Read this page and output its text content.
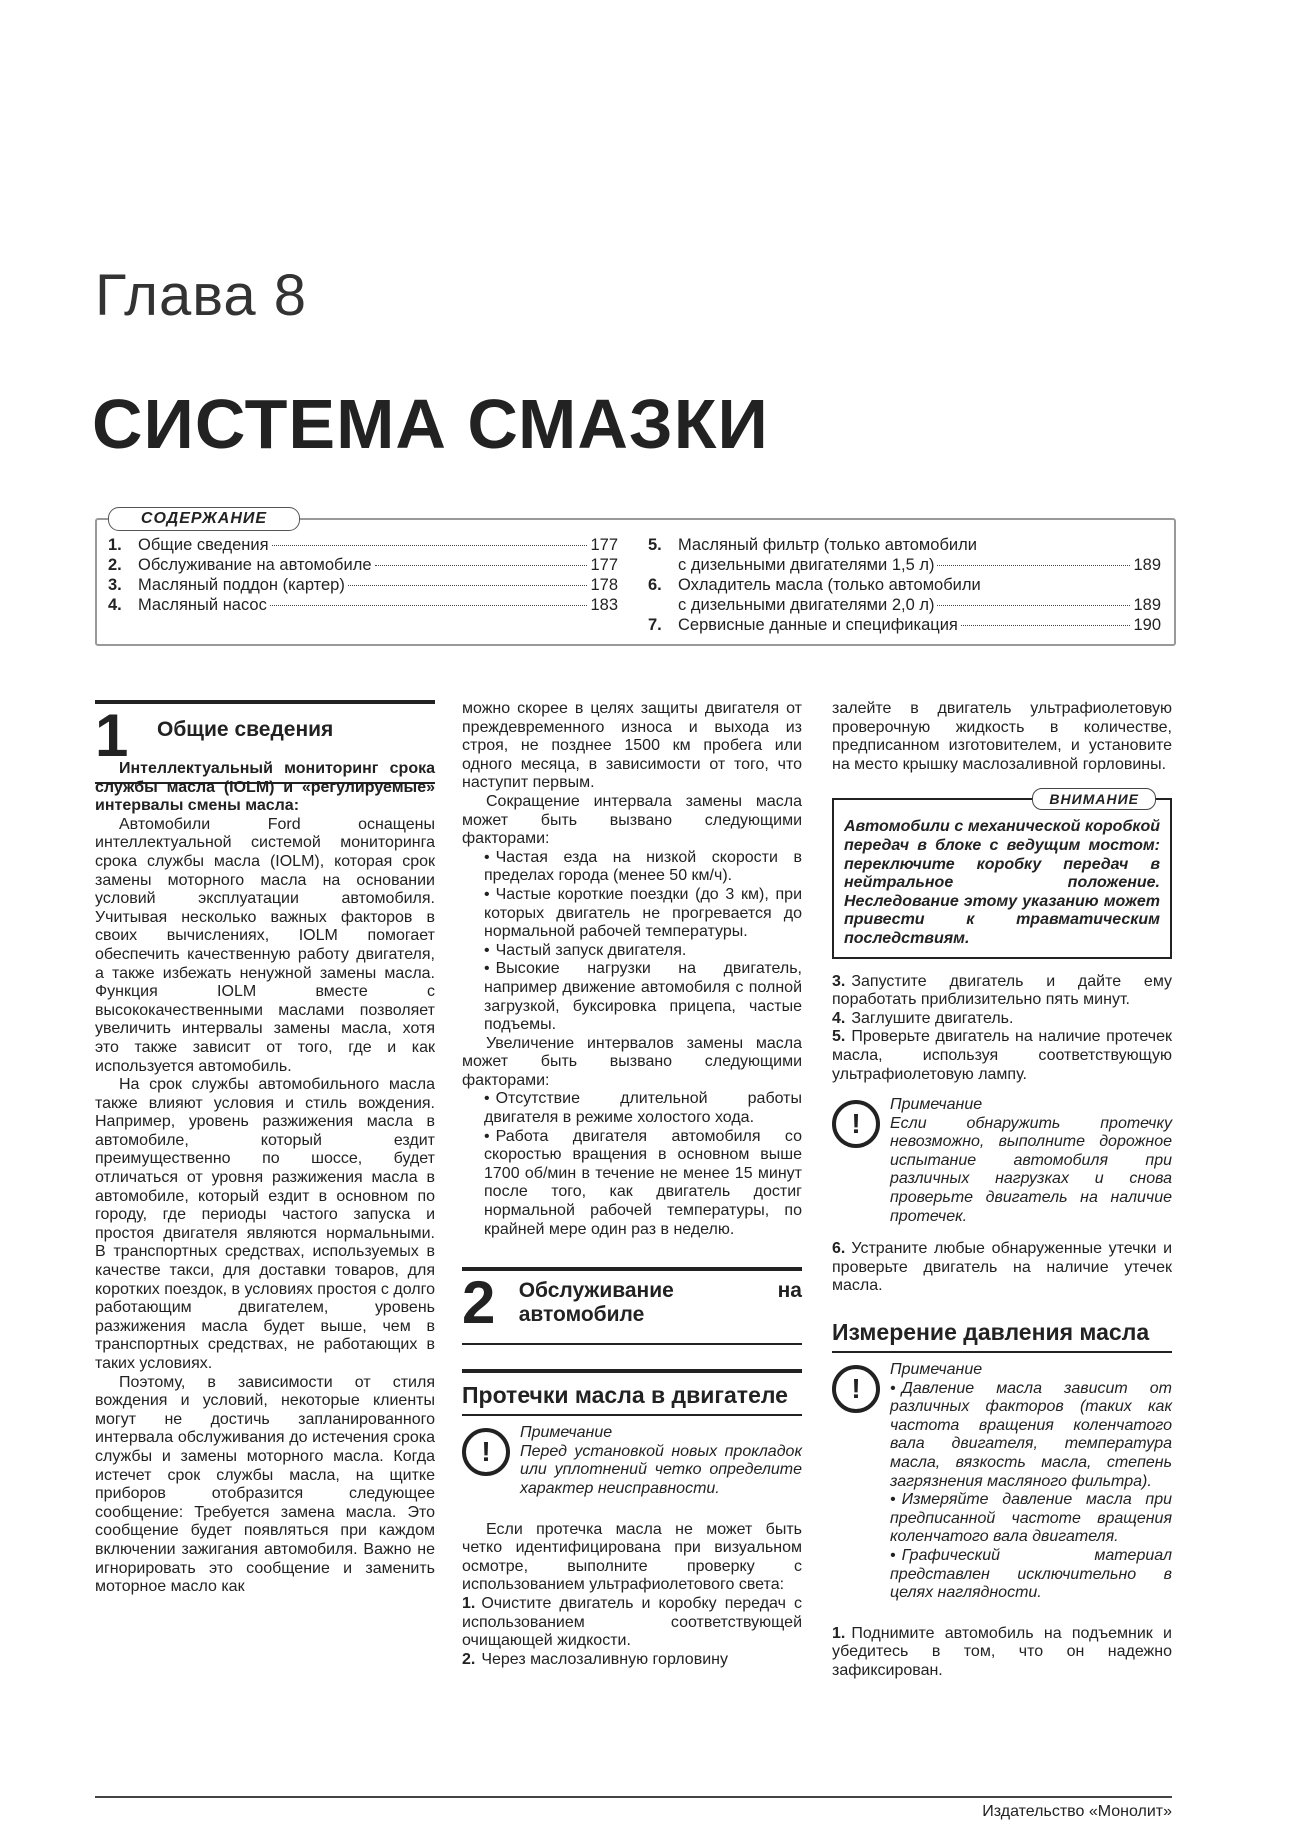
Глава 8
СИСТЕМА СМАЗКИ
СОДЕРЖАНИЕ
1. Общие сведения	177
2. Обслуживание на автомобиле	177
3. Масляный поддон (картер)	178
4. Масляный насос	183
5. Масляный фильтр (только автомобили
с дизельными двигателями 1,5 л)	189
6. Охладитель масла (только автомобили
с дизельными двигателями 2,0 л)	189
7. Сервисные данные и спецификация	190
1	Общие сведения

Интеллектуальный мониторинг срока службы масла (IOLM) и «регулируемые» интервалы смены масла:

Автомобили Ford оснащены интеллектуальной системой мониторинга срока службы масла (IOLM), которая срок замены моторного масла на основании условий эксплуатации автомобиля. Учитывая несколько важных факторов в своих вычислениях, IOLM помогает обеспечить качественную работу двигателя, а также избежать ненужной замены масла. Функция IOLM вместе с высококачественными маслами позволяет увеличить интервалы замены масла, хотя это также зависит от того, где и как используется автомобиль.

На срок службы автомобильного масла также влияют условия и стиль вождения. Например, уровень разжижения масла в автомобиле, который ездит преимущественно по шоссе, будет отличаться от уровня разжижения масла в автомобиле, который ездит в основном по городу, где периоды частого запуска и простоя двигателя являются нормальными. В транспортных средствах, используемых в качестве такси, для доставки товаров, для коротких поездок, в условиях простоя с долго работающим двигателем, уровень разжижения масла будет выше, чем в транспортных средствах, не работающих в таких условиях.

Поэтому, в зависимости от стиля вождения и условий, некоторые клиенты могут не достичь запланированного интервала обслуживания до истечения срока службы и замены моторного масла. Когда истечет срок службы масла, на щитке приборов отобразится следующее сообщение: Требуется замена масла. Это сообщение будет появляться при каждом включении зажигания автомобиля. Важно не игнорировать это сообщение и заменить моторное масло как

можно скорее в целях защиты двигателя от преждевременного износа и выхода из строя, не позднее 1500 км пробега или одного месяца, в зависимости от того, что наступит первым.

Сокращение интервала замены масла может быть вызвано следующими факторами:

• Частая езда на низкой скорости в пределах города (менее 50 км/ч).
• Частые короткие поездки (до 3 км), при которых двигатель не прогревается до нормальной рабочей температуры.
• Частый запуск двигателя.
• Высокие нагрузки на двигатель, например движение автомобиля с полной загрузкой, буксировка прицепа, частые подъемы.

Увеличение интервалов замены масла может быть вызвано следующими факторами:

• Отсутствие длительной работы двигателя в режиме холостого хода.
• Работа двигателя автомобиля со скоростью вращения в основном выше 1700 об/мин в течение не менее 15 минут после того, как двигатель достиг нормальной рабочей температуры, по крайней мере один раз в неделю.
2	Обслуживание на автомобиле
Протечки масла в двигателе
!
Примечание
Перед установкой новых прокладок или уплотнений четко определите характер неисправности.

Если протечка масла не может быть четко идентифицирована при визуальном осмотре, выполните проверку с использованием ультрафиолетового света:

1. Очистите двигатель и коробку передач с использованием соответствующей очищающей жидкости.
2. Через маслозаливную горловину

залейте в двигатель ультрафиолетовую проверочную жидкость в количестве, предписанном изготовителем, и установите на место крышку маслозаливной горловины.

ВНИМАНИЕ
Автомобили с механической коробкой передач в блоке с ведущим мостом: переключите коробку передач в нейтральное положение. Неследование этому указанию может привести к травматическим последствиям.
3. Запустите двигатель и дайте ему поработать приблизительно пять минут.
4. Заглушите двигатель.
5. Проверьте двигатель на наличие протечек масла, используя соответствующую ультрафиолетовую лампу.
!
Примечание
Если обнаружить протечку невозможно, выполните дорожное испытание автомобиля при различных нагрузках и снова проверьте двигатель на наличие протечек.
6. Устраните любые обнаруженные утечки и проверьте двигатель на наличие утечек масла.
Измерение давления масла
!
Примечание
• Давление масла зависит от различных факторов (таких как частота вращения коленчатого вала двигателя, температура масла, вязкость масла, степень загрязнения масляного фильтра).
• Измеряйте давление масла при предписанной частоте вращения коленчатого вала двигателя.
• Графический материал представлен исключительно в целях наглядности.
1. Поднимите автомобиль на подъемник и убедитесь в том, что он надежно зафиксирован.
Издательство «Монолит»
